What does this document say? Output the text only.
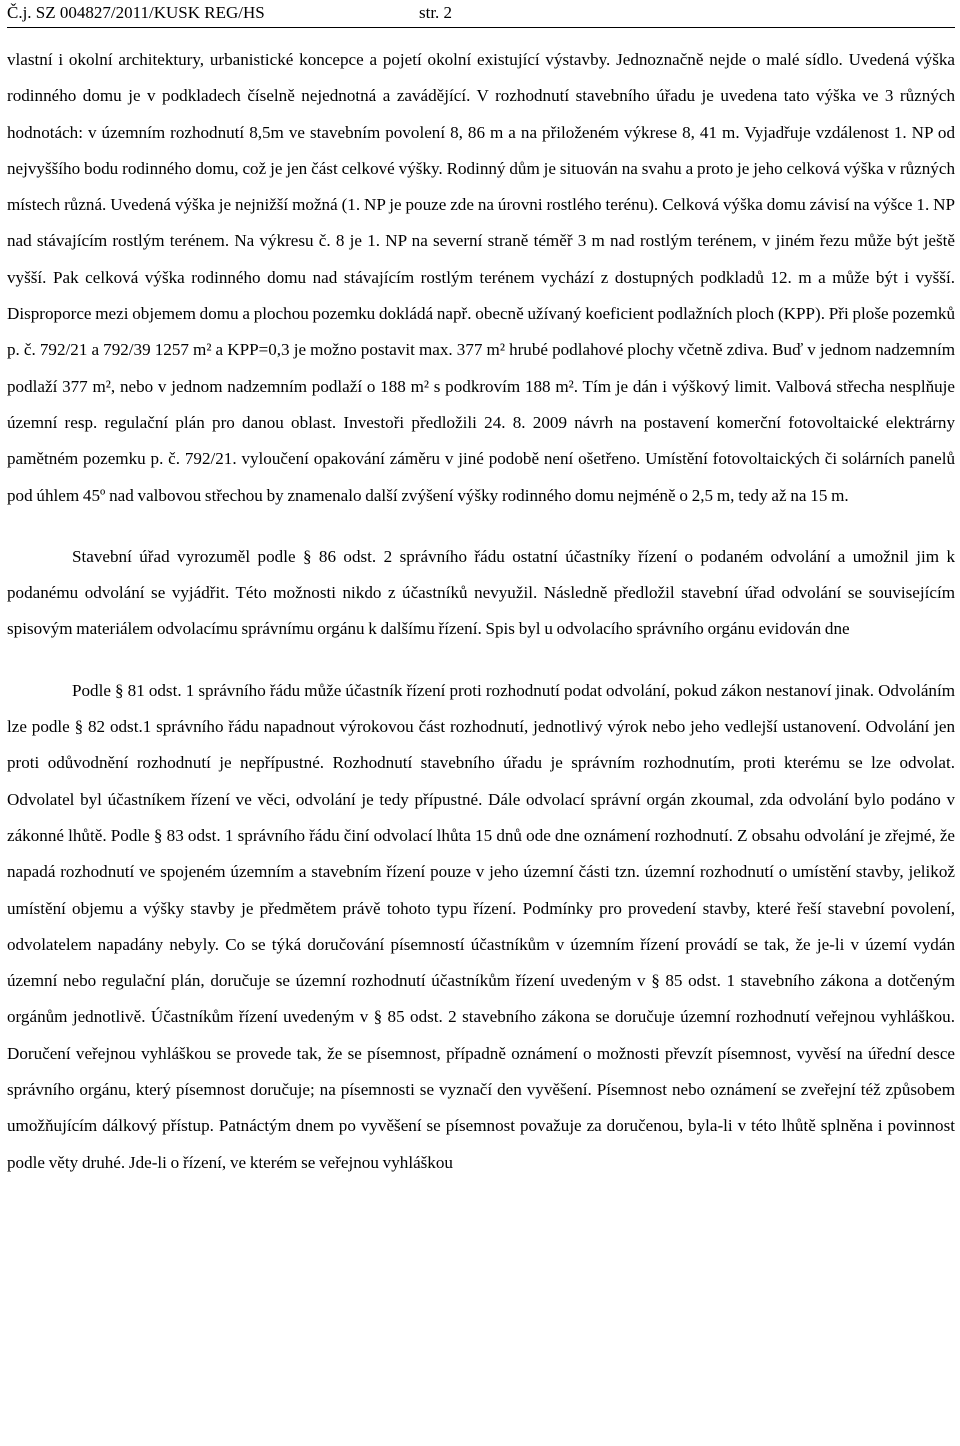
Č.j. SZ 004827/2011/KUSK REG/HS	str. 2

vlastní i okolní architektury, urbanistické koncepce a pojetí okolní existující výstavby. Jednoznačně nejde o malé sídlo. Uvedená výška rodinného domu je v podkladech číselně nejednotná a zavádějící. V rozhodnutí stavebního úřadu je uvedena tato výška ve 3 různých hodnotách: v územním rozhodnutí 8,5m ve stavebním povolení 8, 86 m a na přiloženém výkrese 8, 41 m. Vyjadřuje vzdálenost 1. NP od nejvyššího bodu rodinného domu, což je jen část celkové výšky. Rodinný dům je situován na svahu a proto je jeho celková výška v různých místech různá. Uvedená výška je nejnižší možná (1. NP je pouze zde na úrovni rostlého terénu). Celková výška domu závisí na výšce 1. NP nad stávajícím rostlým terénem. Na výkresu č. 8 je 1. NP na severní straně téměř 3 m nad rostlým terénem, v jiném řezu může být ještě vyšší. Pak celková výška rodinného domu nad stávajícím rostlým terénem vychází z dostupných podkladů 12. m a může být i vyšší. Disproporce mezi objemem domu a plochou pozemku dokládá např. obecně užívaný koeficient podlažních ploch (KPP). Při ploše pozemků p. č. 792/21 a 792/39 1257 m² a KPP=0,3 je možno postavit max. 377 m² hrubé podlahové plochy včetně zdiva. Buď v jednom nadzemním podlaží 377 m², nebo v jednom nadzemním podlaží o 188 m² s podkrovím 188 m². Tím je dán i výškový limit. Valbová střecha nesplňuje územní resp. regulační plán pro danou oblast. Investoři předložili 24. 8. 2009 návrh na postavení komerční fotovoltaické elektrárny pamětném pozemku p. č. 792/21. vyloučení opakování záměru v jiné podobě není ošetřeno. Umístění fotovoltaických či solárních panelů pod úhlem 45º nad valbovou střechou by znamenalo další zvýšení výšky rodinného domu nejméně o 2,5 m, tedy až na 15 m.

Stavební úřad vyrozuměl podle § 86 odst. 2 správního řádu ostatní účastníky řízení o podaném odvolání a umožnil jim k podanému odvolání se vyjádřit. Této možnosti nikdo z účastníků nevyužil. Následně předložil stavební úřad odvolání se souvisejícím spisovým materiálem odvolacímu správnímu orgánu k dalšímu řízení. Spis byl u odvolacího správního orgánu evidován dne

Podle § 81 odst. 1 správního řádu může účastník řízení proti rozhodnutí podat odvolání, pokud zákon nestanoví jinak. Odvoláním lze podle § 82 odst.1 správního řádu napadnout výrokovou část rozhodnutí, jednotlivý výrok nebo jeho vedlejší ustanovení. Odvolání jen proti odůvodnění rozhodnutí je nepřípustné. Rozhodnutí stavebního úřadu je správním rozhodnutím, proti kterému se lze odvolat. Odvolatel byl účastníkem řízení ve věci, odvolání je tedy přípustné. Dále odvolací správní orgán zkoumal, zda odvolání bylo podáno v zákonné lhůtě. Podle § 83 odst. 1 správního řádu činí odvolací lhůta 15 dnů ode dne oznámení rozhodnutí. Z obsahu odvolání je zřejmé, že napadá rozhodnutí ve spojeném územním a stavebním řízení pouze v jeho územní části tzn. územní rozhodnutí o umístění stavby, jelikož umístění objemu a výšky stavby je předmětem právě tohoto typu řízení. Podmínky pro provedení stavby, které řeší stavební povolení, odvolatelem napadány nebyly. Co se týká doručování písemností účastníkům v územním řízení provádí se tak, že je-li v území vydán územní nebo regulační plán, doručuje se územní rozhodnutí účastníkům řízení uvedeným v § 85 odst. 1 stavebního zákona a dotčeným orgánům jednotlivě. Účastníkům řízení uvedeným v § 85 odst. 2 stavebního zákona se doručuje územní rozhodnutí veřejnou vyhláškou. Doručení veřejnou vyhláškou se provede tak, že se písemnost, případně oznámení o možnosti převzít písemnost, vyvěsí na úřední desce správního orgánu, který písemnost doručuje; na písemnosti se vyznačí den vyvěšení. Písemnost nebo oznámení se zveřejní též způsobem umožňujícím dálkový přístup. Patnáctým dnem po vyvěšení se písemnost považuje za doručenou, byla-li v této lhůtě splněna i povinnost podle věty druhé. Jde-li o řízení, ve kterém se veřejnou vyhláškou
